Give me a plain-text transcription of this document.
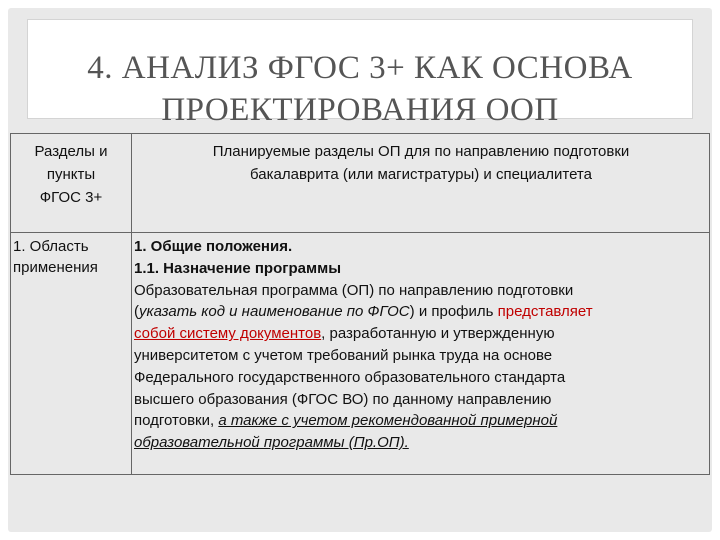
4. АНАЛИЗ ФГОС 3+ КАК ОСНОВА
ПРОЕКТИРОВАНИЯ ООП
Разделы и
пункты
ФГОС 3+
Планируемые разделы ОП для по направлению подготовки
бакалаврита (или магистратуры) и специалитета
1. Область
применения
1. Общие положения.
1.1. Назначение программы
Образовательная программа (ОП) по направлению подготовки
(указать код и наименование по ФГОС) и профиль представляет
собой систему документов, разработанную и утвержденную
университетом с учетом требований рынка труда на основе
Федерального государственного образовательного стандарта
высшего образования (ФГОС ВО) по данному направлению
подготовки, а также с учетом рекомендованной примерной
образовательной программы (Пр.ОП).
